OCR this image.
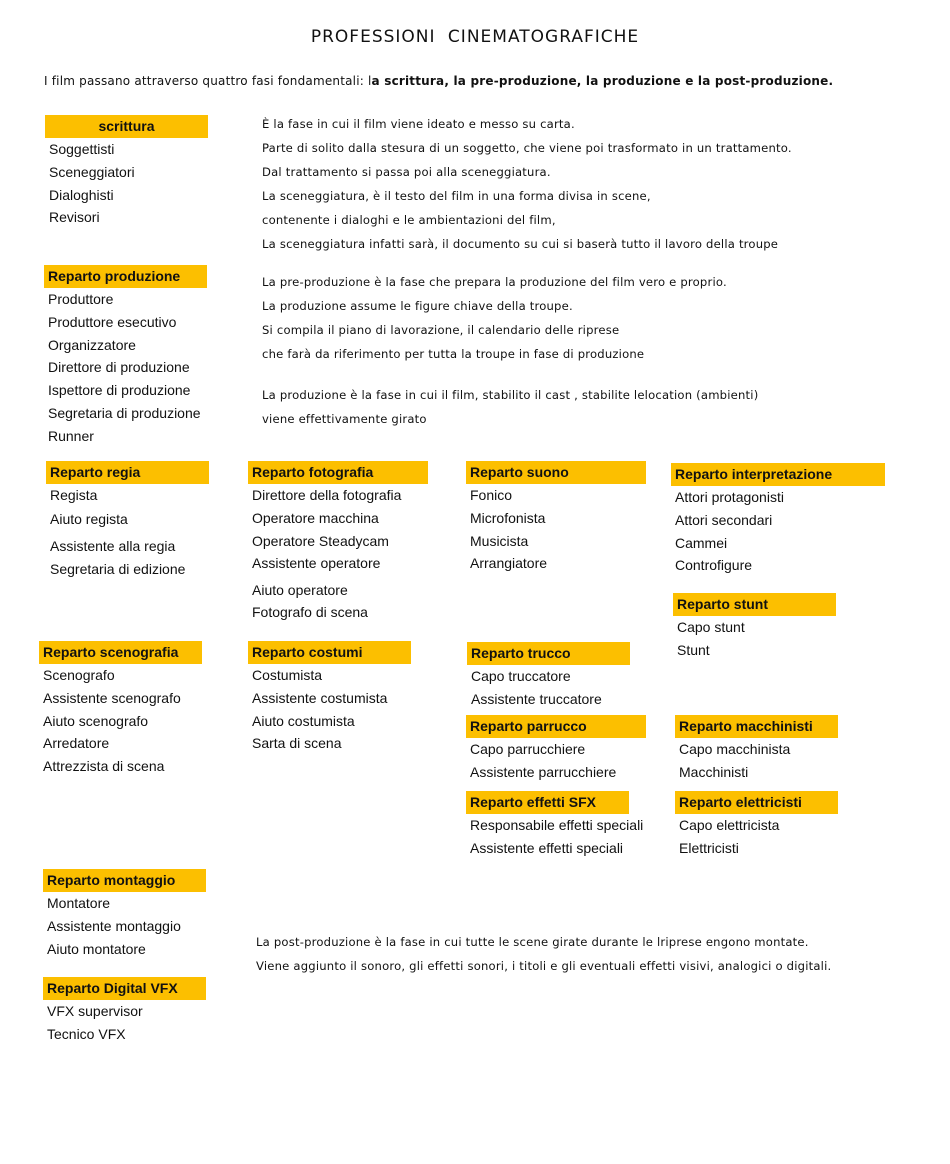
PROFESSIONI CINEMATOGRAFICHE
I film passano attraverso quattro fasi fondamentali: la scrittura, la pre-produzione, la produzione e la post-produzione.
È la fase in cui il film viene ideato e messo su carta.
Parte di solito dalla stesura di un soggetto, che viene poi trasformato in un trattamento.
Dal trattamento si passa poi alla sceneggiatura.
La sceneggiatura, è il testo del film in una forma divisa in scene,
contenente i dialoghi e le ambientazioni del film,
La sceneggiatura infatti sarà, il documento su cui si baserà tutto il lavoro della troupe
La pre-produzione è la fase che prepara la produzione del film vero e proprio.
La produzione assume le figure chiave della troupe.
Si compila il piano di lavorazione, il calendario delle riprese
che farà da riferimento per tutta la troupe in fase di produzione
La produzione è la fase in cui il film, stabilito il cast , stabilite lelocation (ambienti)
viene effettivamente girato
La post-produzione è la fase in cui tutte le scene girate durante le lriprese engono montate.
Viene aggiunto il sonoro, gli effetti sonori, i titoli e gli eventuali effetti visivi, analogici o digitali.
scrittura
Soggettisti
Sceneggiatori
Dialoghisti
Revisori
Reparto produzione
Produttore
Produttore esecutivo
Organizzatore
Direttore di produzione
Ispettore di produzione
Segretaria di produzione
Runner
Reparto regia
Regista
Aiuto regista
Assistente alla regia
Segretaria di edizione
Reparto fotografia
Direttore della fotografia
Operatore macchina
Operatore Steadycam
Assistente operatore
Aiuto operatore
Fotografo di scena
Reparto suono
Fonico
Microfonista
Musicista
Arrangiatore
Reparto interpretazione
Attori protagonisti
Attori secondari
Cammei
Controfigure
Reparto stunt
Capo stunt
Stunt
Reparto scenografia
Scenografo
Assistente scenografo
Aiuto scenografo
Arredatore
Attrezzista di scena
Reparto costumi
Costumista
Assistente costumista
Aiuto costumista
Sarta di scena
Reparto trucco
Capo truccatore
Assistente truccatore
Reparto parrucco
Capo parrucchiere
Assistente parrucchiere
Reparto macchinisti
Capo macchinista
Macchinisti
Reparto effetti SFX
Responsabile effetti speciali
Assistente effetti speciali
Reparto elettricisti
Capo elettricista
Elettricisti
Reparto montaggio
Montatore
Assistente montaggio
Aiuto montatore
Reparto Digital VFX
VFX supervisor
Tecnico VFX
